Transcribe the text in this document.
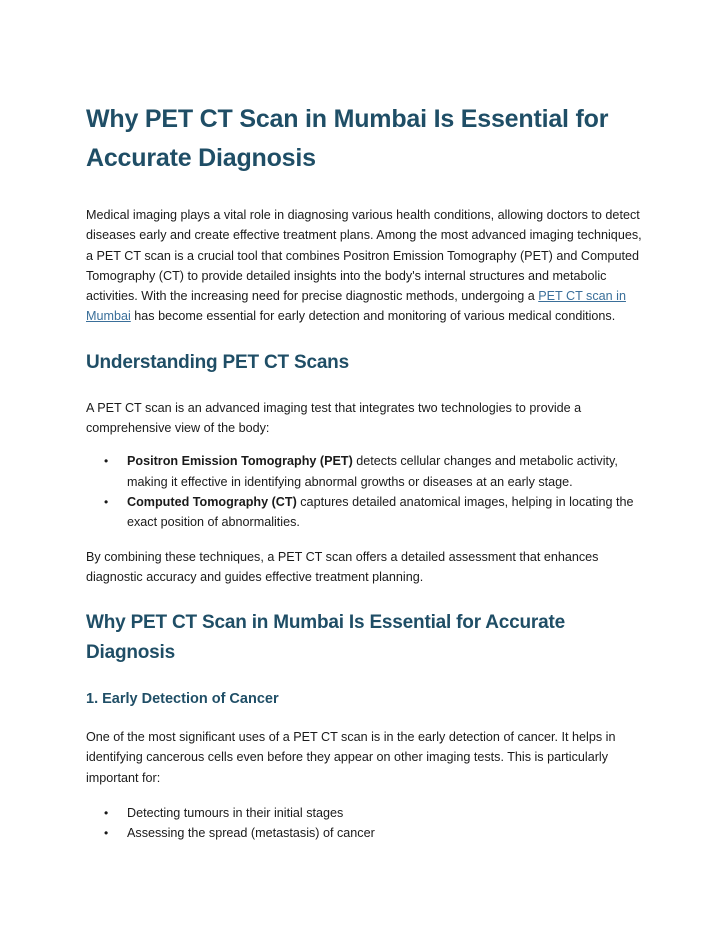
Why PET CT Scan in Mumbai Is Essential for Accurate Diagnosis

Medical imaging plays a vital role in diagnosing various health conditions, allowing doctors to detect diseases early and create effective treatment plans. Among the most advanced imaging techniques, a PET CT scan is a crucial tool that combines Positron Emission Tomography (PET) and Computed Tomography (CT) to provide detailed insights into the body's internal structures and metabolic activities. With the increasing need for precise diagnostic methods, undergoing a PET CT scan in Mumbai has become essential for early detection and monitoring of various medical conditions.

Understanding PET CT Scans

A PET CT scan is an advanced imaging test that integrates two technologies to provide a comprehensive view of the body:

• Positron Emission Tomography (PET) detects cellular changes and metabolic activity, making it effective in identifying abnormal growths or diseases at an early stage.
• Computed Tomography (CT) captures detailed anatomical images, helping in locating the exact position of abnormalities.

By combining these techniques, a PET CT scan offers a detailed assessment that enhances diagnostic accuracy and guides effective treatment planning.

Why PET CT Scan in Mumbai Is Essential for Accurate Diagnosis
1. Early Detection of Cancer

One of the most significant uses of a PET CT scan is in the early detection of cancer. It helps in identifying cancerous cells even before they appear on other imaging tests. This is particularly important for:

• Detecting tumours in their initial stages
• Assessing the spread (metastasis) of cancer
